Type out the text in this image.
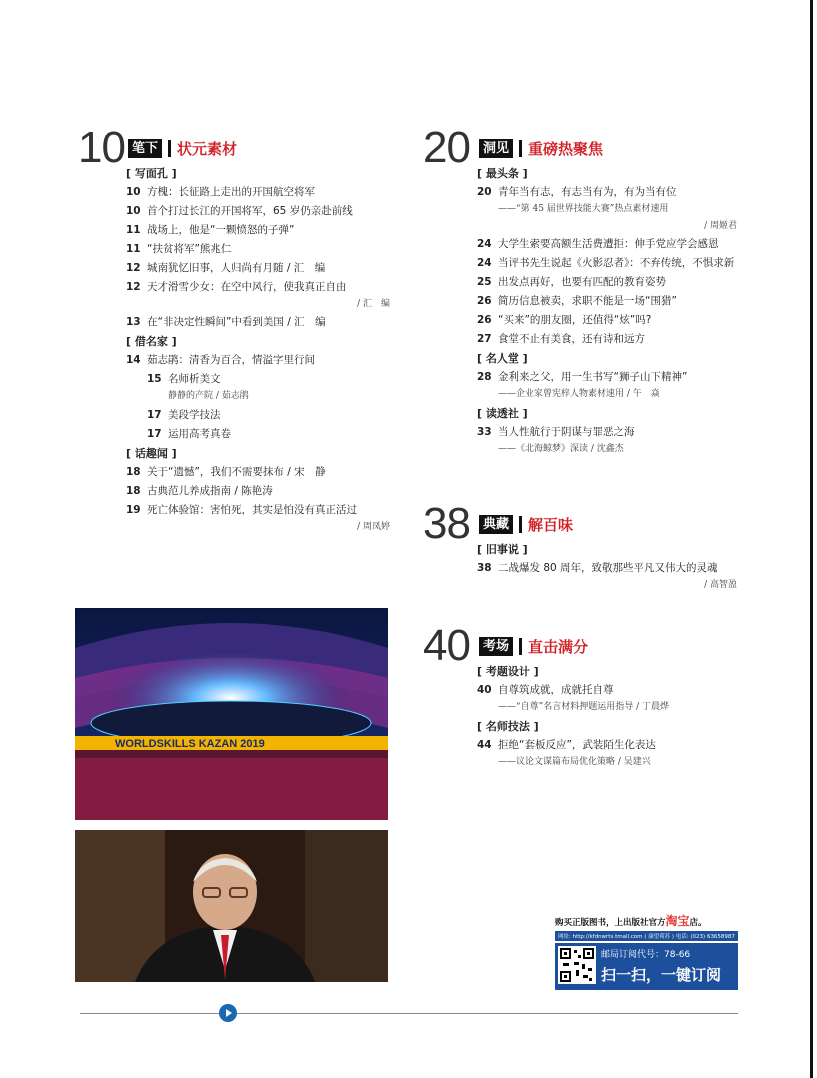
10 笔下 状元素材
[ 写面孔 ]
10 方槐：长征路上走出的开国航空将军
10 首个打过长江的开国将军，65 岁仍亲赴前线
11 战场上，他是“一颗愤怒的子弹”
11 “扶贫将军”熊兆仁
12 城南犹忆旧事，人归尚有月随 / 汇　编
12 天才滑雪少女：在空中风行，使我真正自由
/ 汇　编
13 在“非决定性瞬间”中看到美国 / 汇　编
[ 借名家 ]
14 茹志鹃：清香为百合，情溢字里行间
15 名师析美文
静静的产院 / 茹志鹃
17 美段学技法
17 运用高考真卷
[ 话趣闻 ]
18 关于“遗憾”，我们不需要抹布 / 宋　静
18 古典范儿养成指南 / 陈艳涛
19 死亡体验馆：害怕死，其实是怕没有真正活过
/ 周凤婷
20	洞见 重磅热聚焦
[ 最头条 ]
20 青年当有志，有志当有为，有为当有位
——“第 45 届世界技能大赛”热点素材速用
/ 周姬君
24 大学生索要高额生活费遭拒：伸手党应学会感恩
24 当评书先生说起《火影忍者》：不弃传统，不惧求新
25 出发点再好，也要有匹配的教育姿势
26 简历信息被卖，求职不能是一场“围猎”
26 “买来”的朋友圈，还值得“炫”吗?
27 食堂不止有美食，还有诗和远方
[ 名人堂 ]
28 金利来之父，用一生书写“狮子山下精神”
——企业家曾宪梓人物素材速用 / 午　焱
[ 读透社 ]
33 当人性航行于阴谋与罪恶之海
——《北海鲸梦》深读 / 沈鑫杰
38	典藏 解百味
[ 旧事说 ]
38 二战爆发 80 周年，致敬那些平凡又伟大的灵魂
/ 高智盈
40	考场 直击满分
[ 考题设计 ]
40 自尊筑成就，成就托自尊
——“自尊”名言材料押题运用指导 / 丁晨烨
[ 名师技法 ]
44 拒绝“套板反应”，武装陌生化表达
——议论文谋篇布局优化策略 / 吴建兴
WORLDSKILLS KAZAN 2019
购买正版图书，上出版社官方淘宝店。
网址: http://kfdnwrts.tmall.com ( 康望荷苏 ) 电话: (023) 63658987
邮局订阅代号：78-66
扫一扫，一键订阅
